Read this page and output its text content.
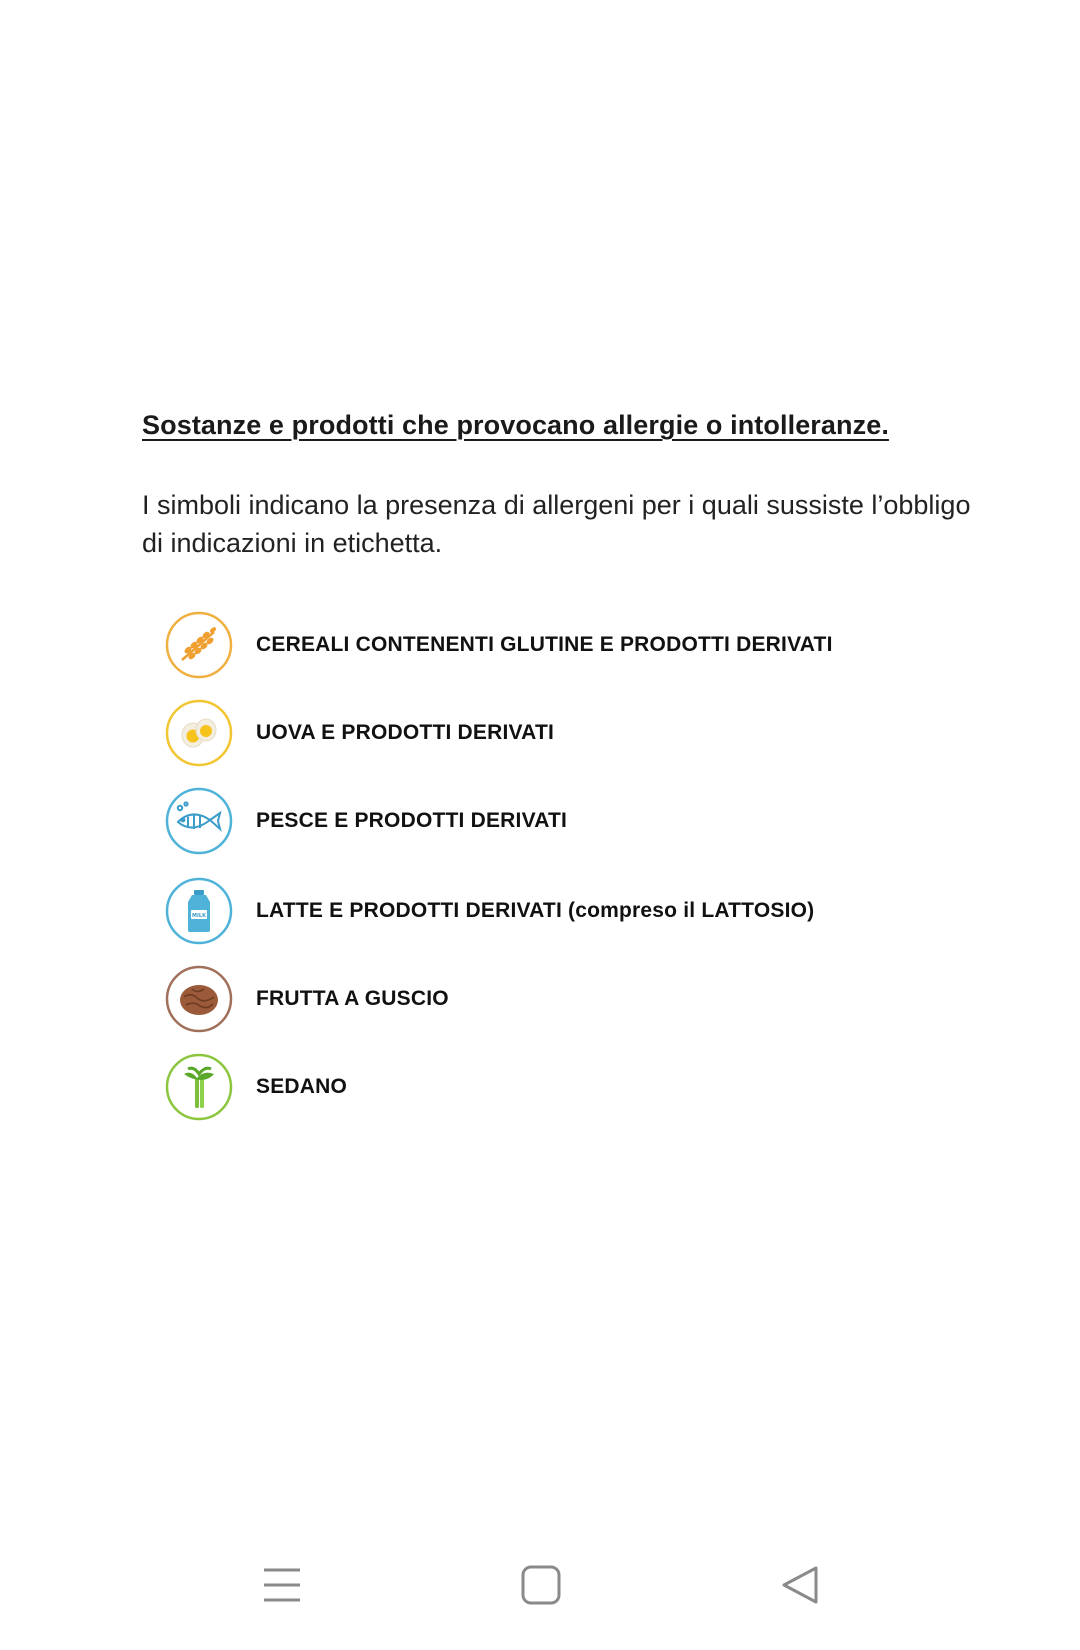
Sostanze e prodotti che provocano allergie o intolleranze.
I simboli indicano la presenza di allergeni per i quali sussiste l’obbligo di indicazioni in etichetta.
CEREALI CONTENENTI GLUTINE E PRODOTTI DERIVATI
UOVA E PRODOTTI DERIVATI
PESCE E PRODOTTI DERIVATI
MILK LATTE E PRODOTTI DERIVATI (compreso il LATTOSIO)
FRUTTA A GUSCIO
SEDANO
